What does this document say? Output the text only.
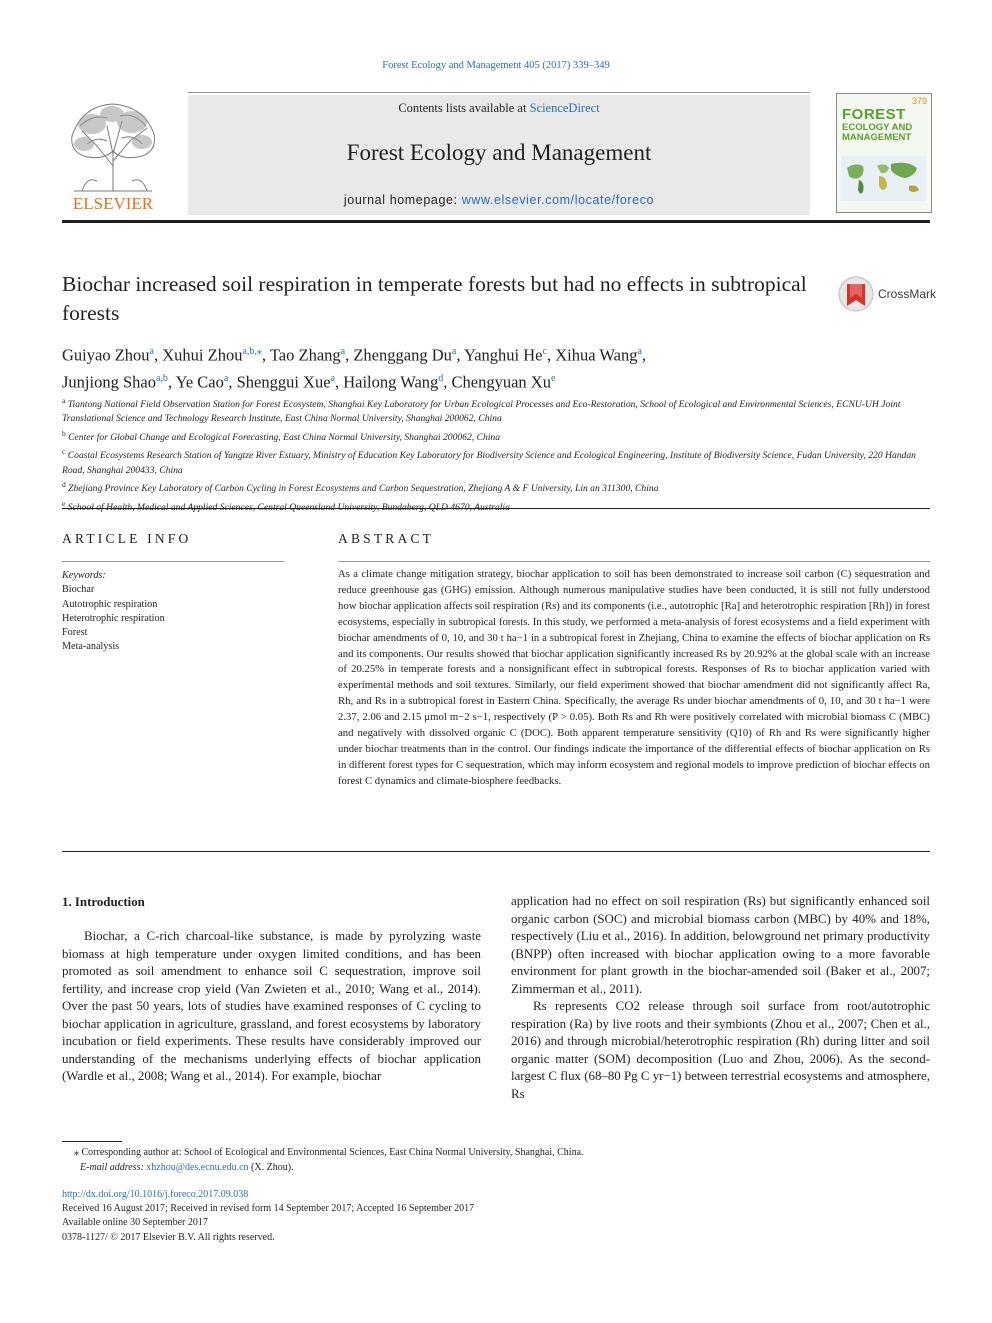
Forest Ecology and Management 405 (2017) 339–349
ELSEVIER
Contents lists available at ScienceDirect
Forest Ecology and Management
journal homepage: www.elsevier.com/locate/foreco
379
FOREST
ECOLOGY AND
MANAGEMENT
Biochar increased soil respiration in temperate forests but had no effects in subtropical forests
CrossMark
Guiyao Zhou$^a$, Xuhui Zhou$^{a,b,⁎}$, Tao Zhang$^a$, Zhenggang Du$^a$, Yanghui He$^c$, Xihua Wang$^a$,
Junjiong Shao$^{a,b}$, Ye Cao$^a$, Shenggui Xue$^a$, Hailong Wang$^d$, Chengyuan Xu$^e$
$^a$ Tiantong National Field Observation Station for Forest Ecosystem, Shanghai Key Laboratory for Urban Ecological Processes and Eco-Restoration, School of Ecological and Environmental Sciences, ECNU-UH Joint Translational Science and Technology Research Institute, East China Normal University, Shanghai 200062, China
$^b$ Center for Global Change and Ecological Forecasting, East China Normal University, Shanghai 200062, China
$^c$ Coastal Ecosystems Research Station of Yangtze River Estuary, Ministry of Education Key Laboratory for Biodiversity Science and Ecological Engineering, Institute of Biodiversity Science, Fudan University, 220 Handan Road, Shanghai 200433, China
$^d$ Zhejiang Province Key Laboratory of Carbon Cycling in Forest Ecosystems and Carbon Sequestration, Zhejiang A & F University, Lin an 311300, China
$^e$
ARTICLE INFO	ABSTRACT
Keywords:
Biochar
Autotrophic respiration
Heterotrophic respiration
Forest
Meta-analysis
As a climate change mitigation strategy, biochar application to soil has been demonstrated to increase soil carbon (C) sequestration and reduce greenhouse gas (GHG) emission. Although numerous manipulative studies have been conducted, it is still not fully understood how biochar application affects soil respiration (Rs) and its components (i.e., autotrophic [Ra] and heterotrophic respiration [Rh]) in forest ecosystems, especially in subtropical forests. In this study, we performed a meta-analysis of forest ecosystems and a field experiment with biochar amendments of 0, 10, and 30 t ha−1 in a subtropical forest in Zhejiang, China to examine the effects of biochar application on Rs and its components. Our results showed that biochar application significantly increased Rs by 20.92% at the global scale with an increase of 20.25% in temperate forests and a nonsignificant effect in subtropical forests. Responses of Rs to biochar application varied with experimental methods and soil textures. Similarly, our field experiment showed that biochar amendment did not significantly affect Ra, Rh, and Rs in a subtropical forest in Eastern China. Specifically, the average Rs under biochar amendments of 0, 10, and 30 t ha−1 were 2.37, 2.06 and 2.15 μmol m−2 s−1, respectively (P > 0.05). Both Rs and Rh were positively correlated with microbial biomass C (MBC) and negatively with dissolved organic C (DOC). Both apparent temperature sensitivity (Q10) of Rh and Rs were significantly higher under biochar treatments than in the control. Our findings indicate the importance of the differential effects of biochar application on Rs in different forest types for C sequestration, which may inform ecosystem and regional models to improve prediction of biochar effects on forest C dynamics and climate-biosphere feedbacks.
1. Introduction
Biochar, a C-rich charcoal-like substance, is made by pyrolyzing waste biomass at high temperature under oxygen limited conditions, and has been promoted as soil amendment to enhance soil C sequestration, improve soil fertility, and increase crop yield (Van Zwieten et al., 2010; Wang et al., 2014). Over the past 50 years, lots of studies have examined responses of C cycling to biochar application in agriculture, grassland, and forest ecosystems by laboratory incubation or field experiments. These results have considerably improved our understanding of the mechanisms underlying effects of biochar application (Wardle et al., 2008; Wang et al., 2014). For example, biochar

application had no effect on soil respiration (Rs) but significantly enhanced soil organic carbon (SOC) and microbial biomass carbon (MBC) by 40% and 18%, respectively (Liu et al., 2016). In addition, belowground net primary productivity (BNPP) often increased with biochar application owing to a more favorable environment for plant growth in the biochar-amended soil (Baker et al., 2007; Zimmerman et al., 2011).

Rs represents CO2 release through soil surface from root/autotrophic respiration (Ra) by live roots and their symbionts (Zhou et al., 2007; Chen et al., 2016) and through microbial/heterotrophic respiration (Rh) during litter and soil organic matter (SOM) decomposition (Luo and Zhou, 2006). As the second-largest C flux (68–80 Pg C yr−1) between terrestrial ecosystems and atmosphere, Rs

⁎ Corresponding author at: School of Ecological and Environmental Sciences, East China Normal University, Shanghai, China.
E-mail address: xhzhou@des.ecnu.edu.cn (X. Zhou).
http://dx.doi.org/10.1016/j.foreco.2017.09.038
Received 16 August 2017; Received in revised form 14 September 2017; Accepted 16 September 2017
Available online 30 September 2017
0378-1127/ © 2017 Elsevier B.V. All rights reserved.
